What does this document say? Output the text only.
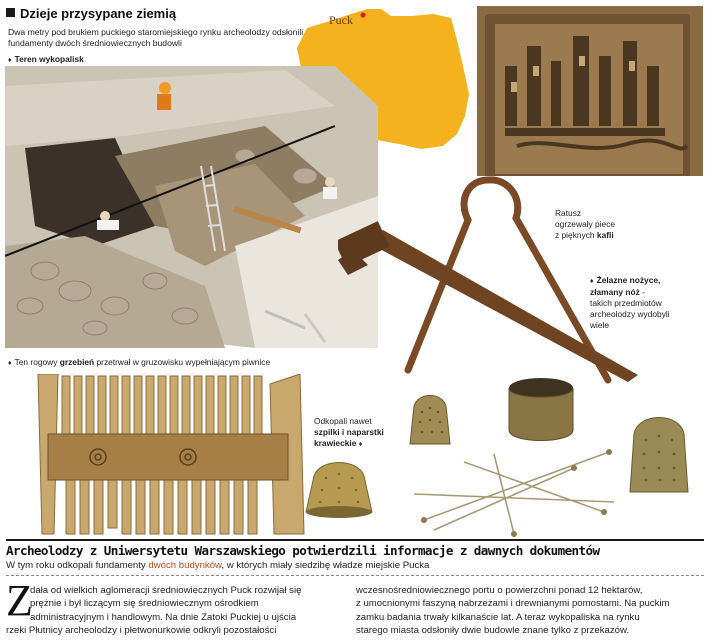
Dzieje przysypane ziemią
Dwa metry pod brukiem puckiego staromiejskiego rynku archeolodzy odsłonili fundamenty dwóch średniowiecznych budowli
Puck
♦ Teren wykopalisk
Ratusz
ogrzewały piece
z pięknych kafli
♦ Żelazne nożyce,
złamany nóż -
takich przedmiotów
archeolodzy wydobyli
wiele
♦ Ten rogowy grzebień przetrwał w gruzowisku wypełniającym piwnice
Odkopali nawet
szpilki i naparstki
krawieckie ♦
Archeolodzy z Uniwersytetu Warszawskiego potwierdzili informacje z dawnych dokumentów
W tym roku odkopali fundamenty dwóch budynków, w których miały siedzibę władze miejskie Pucka
Z
dała od wielkich aglomeracji średniowiecznych Puck rozwijał się
prężnie i był liczącym się średniowiecznym ośrodkiem
administracyjnym i handlowym. Na dnie Zatoki Puckiej u ujścia
rzeki Płutnicy archeolodzy i płetwonurkowie odkryli pozostałości
wczesnośredniowiecznego portu o powierzchni ponad 12 hektarów,
z umocnionymi faszyną nabrzeżami i drewnianymi pomostami. Na puckim
zamku badania trwały kilkanaście lat. A teraz wykopaliska na rynku
starego miasta odsłoniły dwie budowle znane tylko z przekazów.
